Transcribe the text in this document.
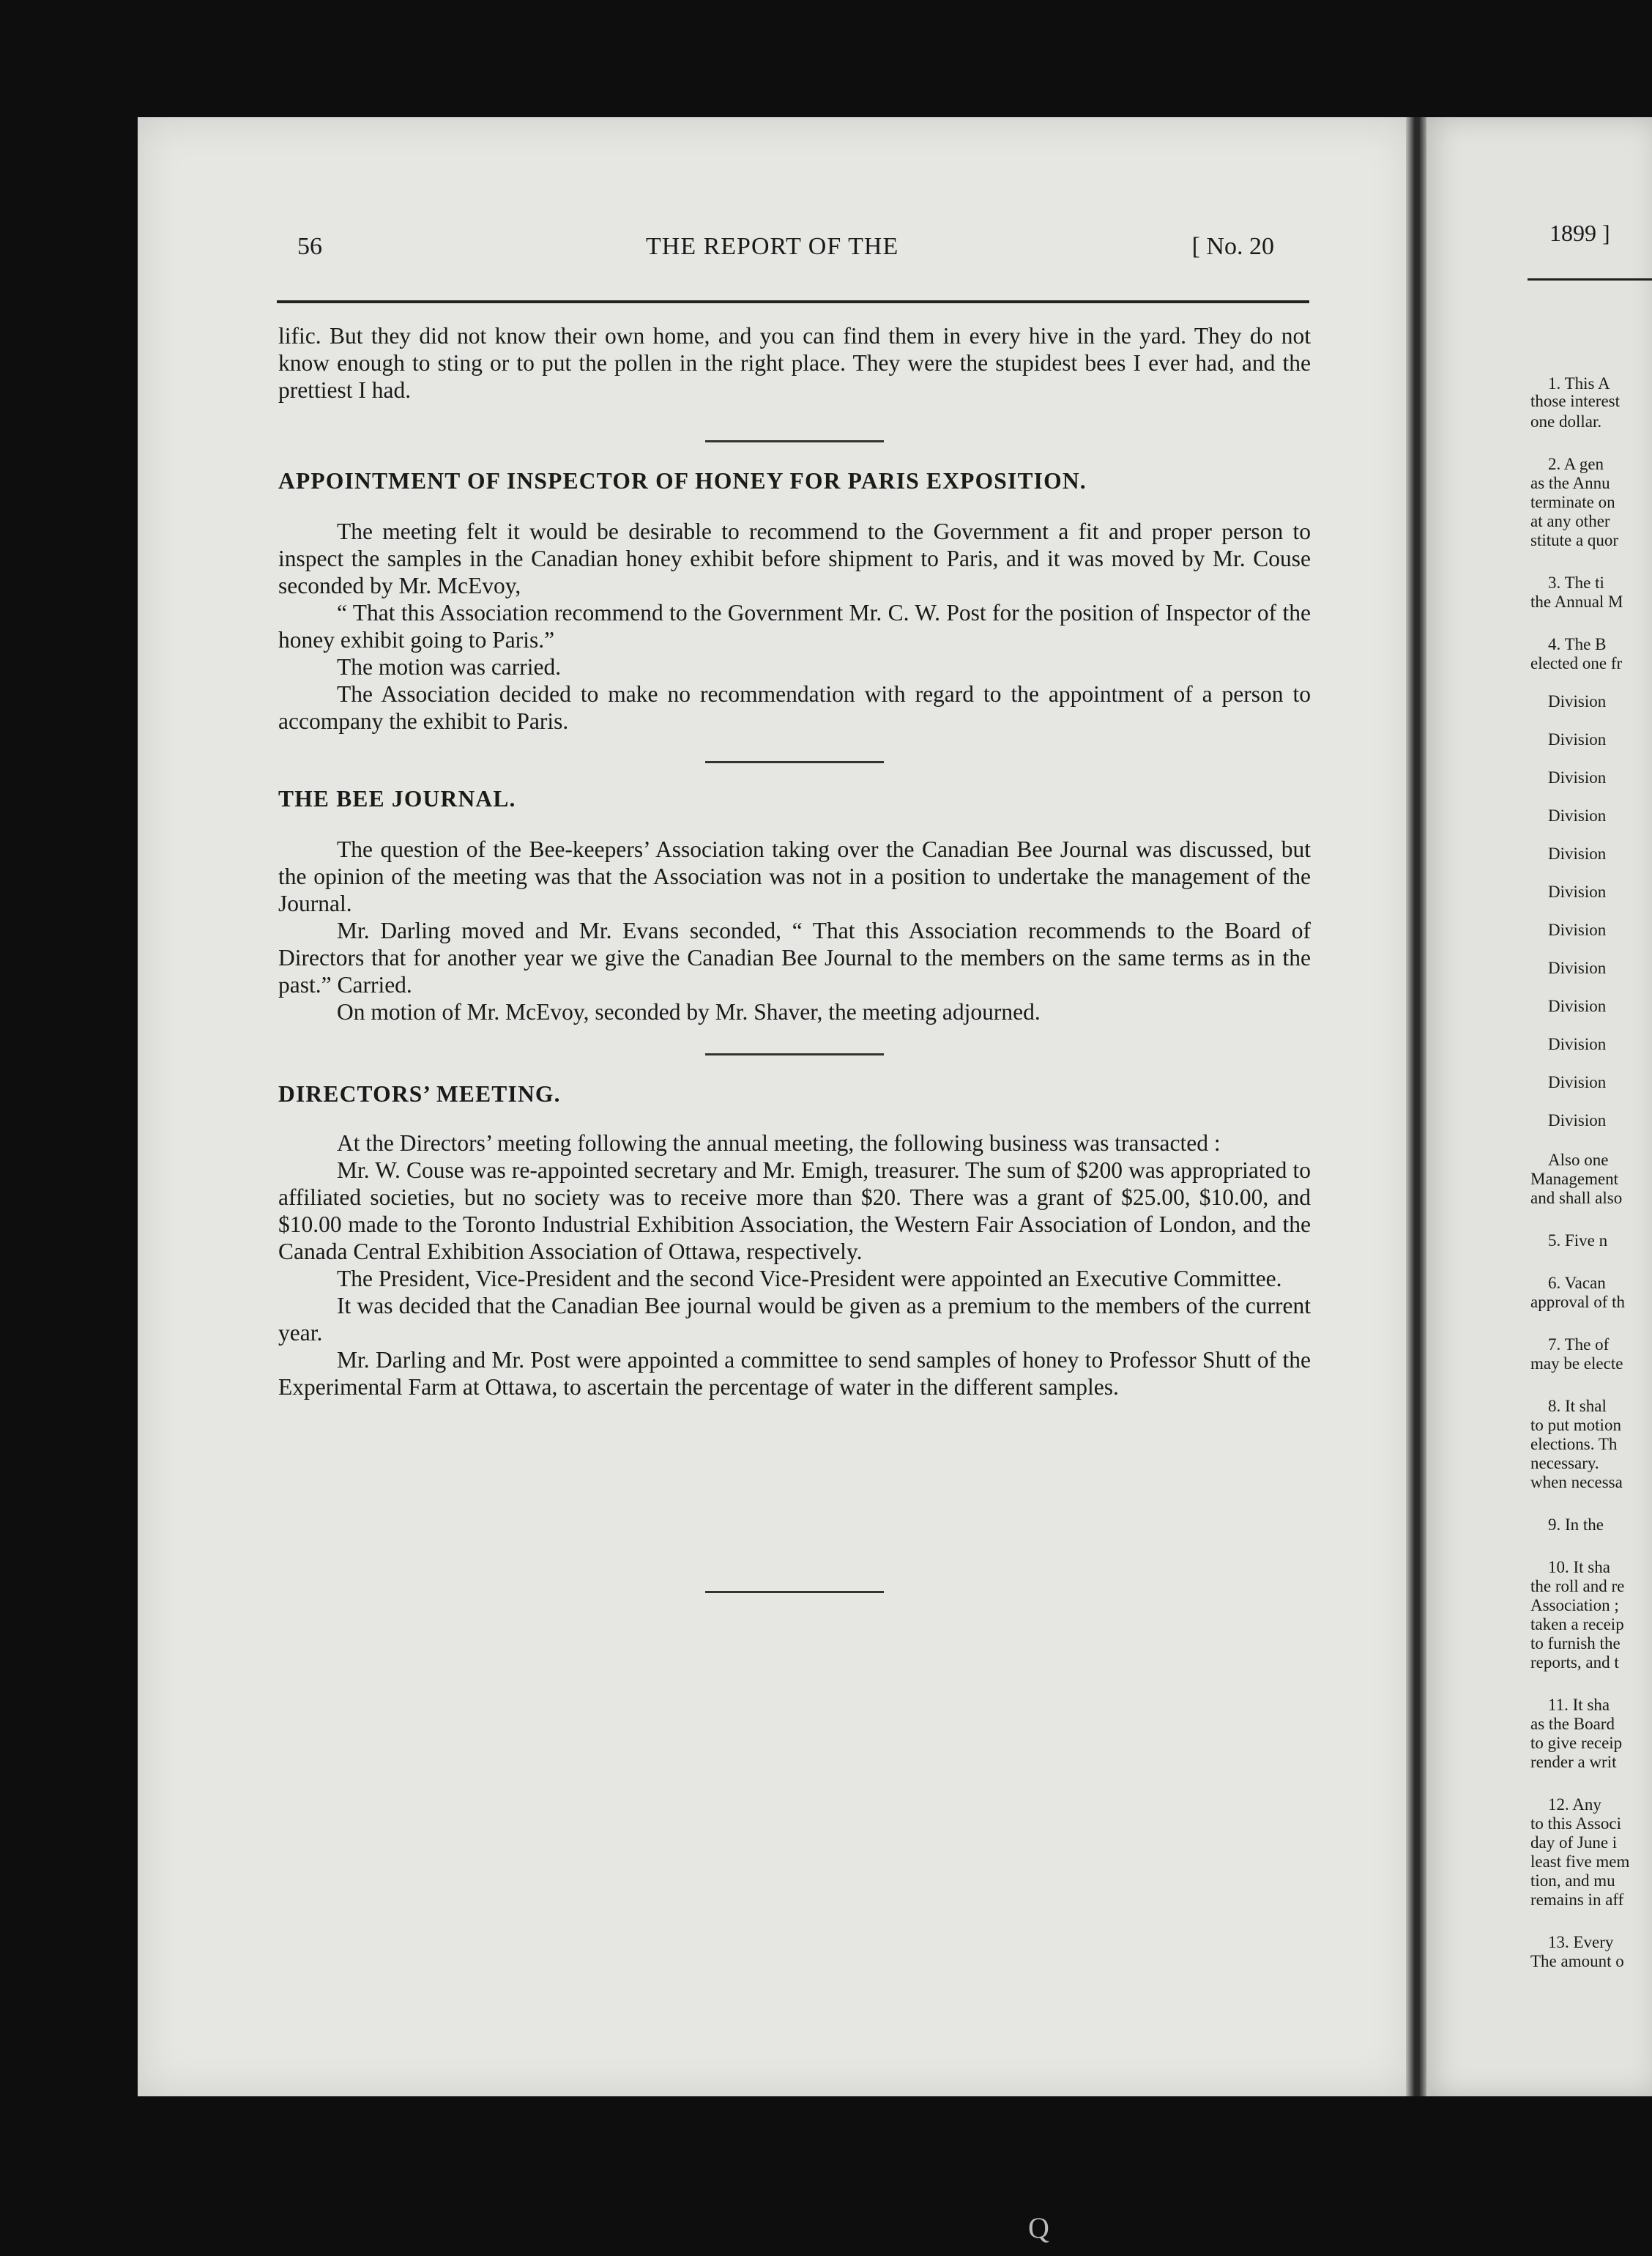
56	THE REPORT OF THE	[ No. 20

lific. But they did not know their own home, and you can find them in every hive in the yard. They do not know enough to sting or to put the pollen in the right place. They were the stupidest bees I ever had, and the prettiest I had.

APPOINTMENT OF INSPECTOR OF HONEY FOR PARIS EXPOSITION.

The meeting felt it would be desirable to recommend to the Government a fit and proper person to inspect the samples in the Canadian honey exhibit before shipment to Paris, and it was moved by Mr. Couse seconded by Mr. McEvoy,

“ That this Association recommend to the Government Mr. C. W. Post for the position of Inspector of the honey exhibit going to Paris.”

The motion was carried.

The Association decided to make no recommendation with regard to the appointment of a person to accompany the exhibit to Paris.

THE BEE JOURNAL.

The question of the Bee-keepers’ Association taking over the Canadian Bee Journal was discussed, but the opinion of the meeting was that the Association was not in a position to undertake the management of the Journal.

Mr. Darling moved and Mr. Evans seconded, “ That this Association recommends to the Board of Directors that for another year we give the Canadian Bee Journal to the members on the same terms as in the past.” Carried.

On motion of Mr. McEvoy, seconded by Mr. Shaver, the meeting adjourned.

DIRECTORS’ MEETING.

At the Directors’ meeting following the annual meeting, the following business was transacted :

Mr. W. Couse was re-appointed secretary and Mr. Emigh, treasurer. The sum of $200 was appropriated to affiliated societies, but no society was to receive more than $20. There was a grant of $25.00, $10.00, and $10.00 made to the Toronto Industrial Exhibition Association, the Western Fair Association of London, and the Canada Central Exhibition Association of Ottawa, respectively.

The President, Vice-President and the second Vice-President were appointed an Executive Committee.

It was decided that the Canadian Bee journal would be given as a premium to the members of the current year.

Mr. Darling and Mr. Post were appointed a committee to send samples of honey to Professor Shutt of the Experimental Farm at Ottawa, to ascertain the percentage of water in the different samples.

1899 ]
1. This A
those interest
one dollar.
2. A gen
as the Annu
terminate on
at any other
stitute a quor
3. The ti
the Annual M
4. The B
elected one fr
Division
Division
Division
Division
Division
Division
Division
Division
Division
Division
Division
Division
Also one
Management
and shall also
5. Five n
6. Vacan
approval of th
7. The of
may be electe
8. It shal
to put motion
elections. Th
necessary.
when necessa
9. In the
10. It sha
the roll and re
Association ;
taken a receip
to furnish the
reports, and t
11. It sha
as the Board
to give receip
render a writ
12. Any
to this Associ
day of June i
least five mem
tion, and mu
remains in aff
13. Every
The amount o
Q
